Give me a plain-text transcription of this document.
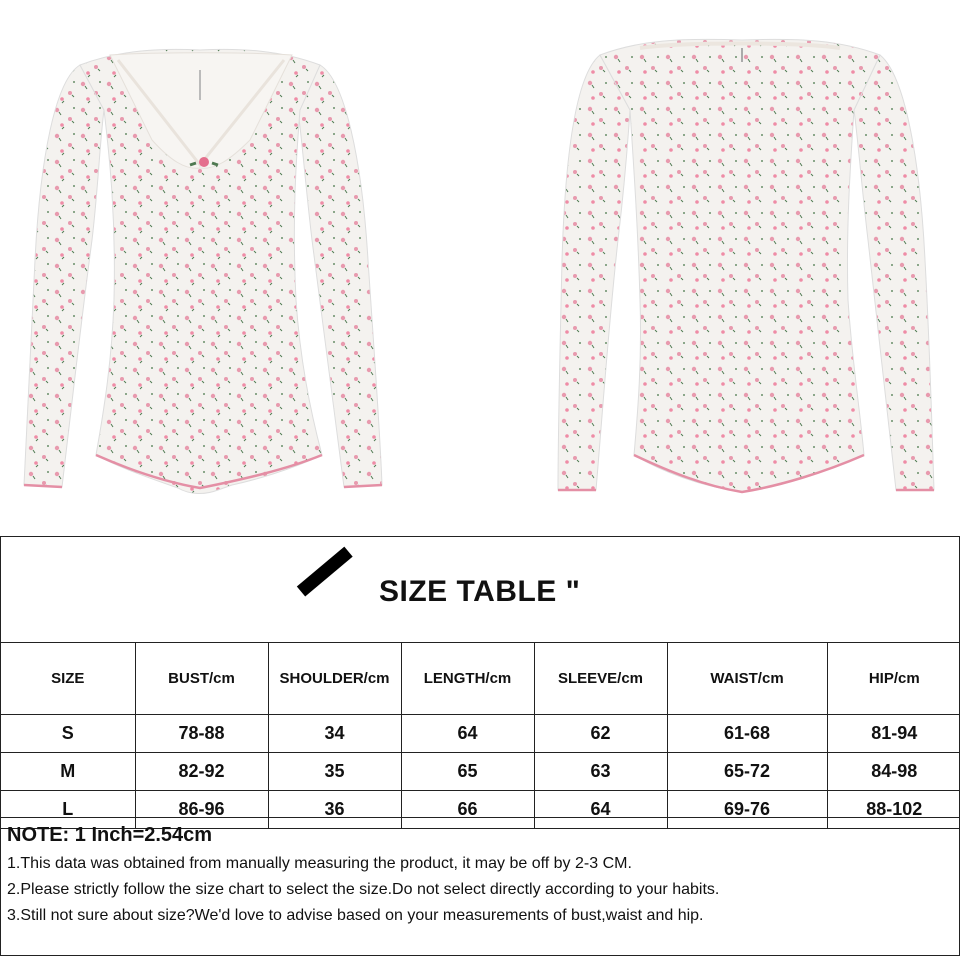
SIZE TABLE "
SIZE	BUST/cm	SHOULDER/cm	LENGTH/cm	SLEEVE/cm	WAIST/cm	HIP/cm
S	78-88	34	64	62	61-68	81-94
M	82-92	35	65	63	65-72	84-98
L	86-96	36	66	64	69-76	88-102
NOTE: 1 Inch=2.54cm
1.This data was obtained from manually measuring the product, it may be off by 2-3 CM.
2.Please strictly follow the size chart to select the size.Do not select directly according to your habits.
3.Still not sure about size?We'd love to advise based on your measurements of bust,waist and hip.
